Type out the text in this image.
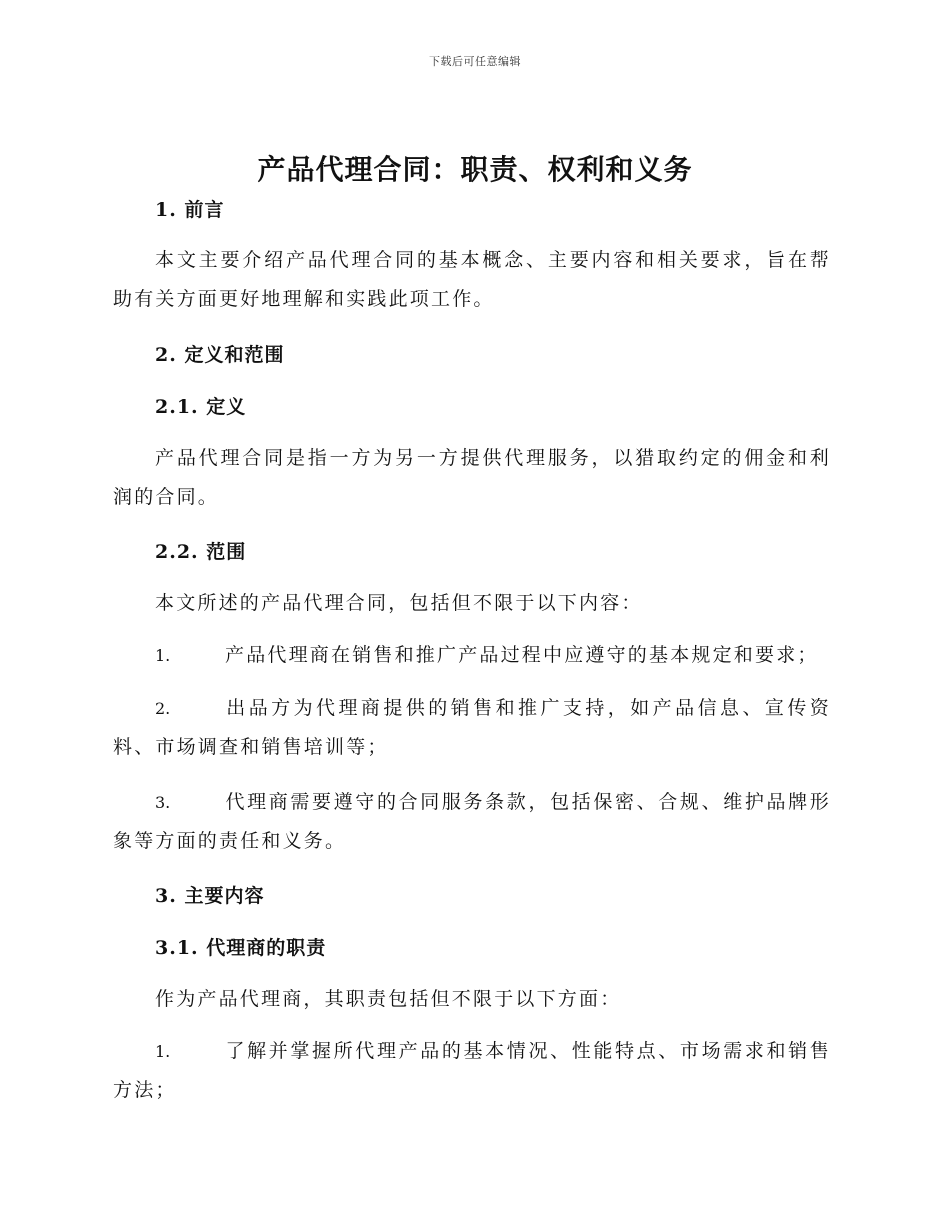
下载后可任意编辑
产品代理合同：职责、权利和义务
1. 前言
本文主要介绍产品代理合同的基本概念、主要内容和相关要求，旨在帮助有关方面更好地理解和实践此项工作。
2. 定义和范围
2.1. 定义
产品代理合同是指一方为另一方提供代理服务，以猎取约定的佣金和利润的合同。
2.2. 范围
本文所述的产品代理合同，包括但不限于以下内容：
1.	产品代理商在销售和推广产品过程中应遵守的基本规定和要求；
2.	出品方为代理商提供的销售和推广支持，如产品信息、宣传资料、市场调查和销售培训等；
3.	代理商需要遵守的合同服务条款，包括保密、合规、维护品牌形象等方面的责任和义务。
3. 主要内容
3.1. 代理商的职责
作为产品代理商，其职责包括但不限于以下方面：
1.	了解并掌握所代理产品的基本情况、性能特点、市场需求和销售方法；
